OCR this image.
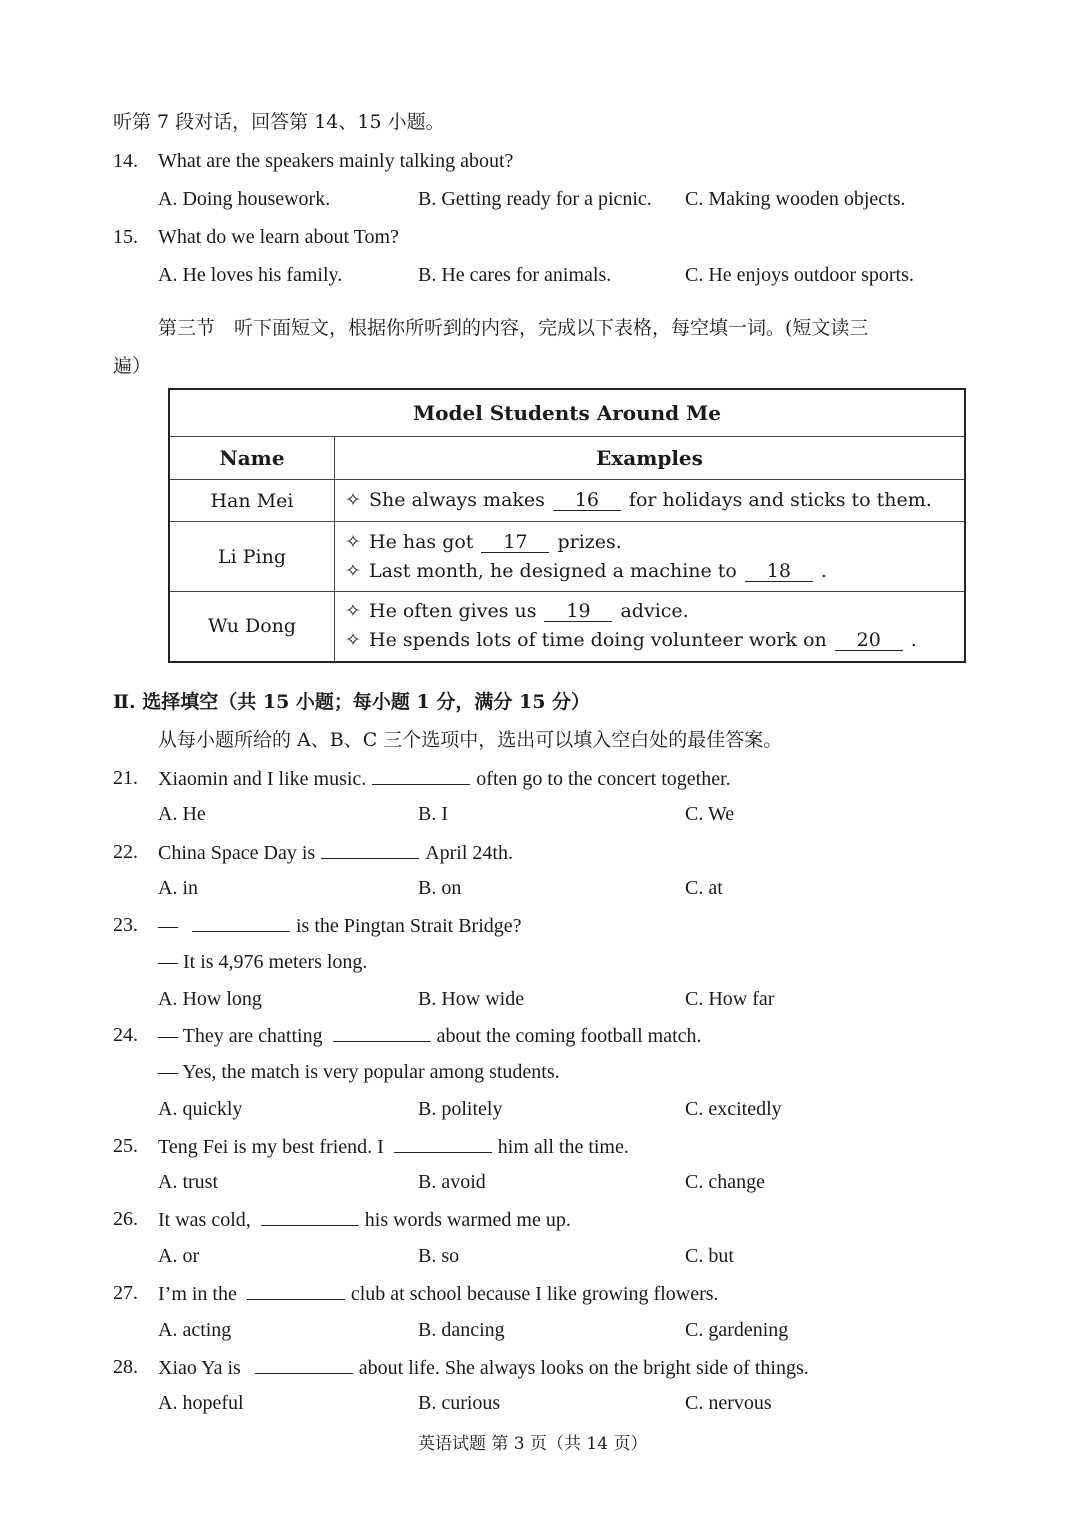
听第 7 段对话，回答第 14、15 小题。
14. What are the speakers mainly talking about?
A. Doing housework.	B. Getting ready for a picnic. C. Making wooden objects.
15. What do we learn about Tom?
A. He loves his family.	B. He cares for animals.	C. He enjoys outdoor sports.
第三节　听下面短文，根据你所听到的内容，完成以下表格，每空填一词。(短文读三
遍）
Model Students Around Me	
Name	Examples
Han Mei	✧ She always makes 16 for holidays and sticks to them.

Li Ping	✧ He has got 17 prizes.
✧ Last month, he designed a machine to 18 .

Wu Dong	✧ He often gives us 19 advice.
✧ He spends lots of time doing volunteer work on 20 .
Ⅱ. 选择填空（共 15 小题；每小题 1 分，满分 15 分）
从每小题所给的 A、B、C 三个选项中，选出可以填入空白处的最佳答案。
21. Xiaomin and I like music.	often go to the concert together.
A. He	B. I	C. We
22. China Space Day is	April 24th.
A. in	B. on	C. at
23. —	is the Pingtan Strait Bridge?
— It is 4,976 meters long.
A. How long	B. How wide	C. How far
24. — They are chatting	about the coming football match.
— Yes, the match is very popular among students.
A. quickly	B. politely	C. excitedly
25. Teng Fei is my best friend. I	him all the time.
A. trust	B. avoid	C. change
26. It was cold,	his words warmed me up.
A. or	B. so	C. but
27. I’m in the	club at school because I like growing flowers.
A. acting	B. dancing	C. gardening
28. Xiao Ya is	about life. She always looks on the bright side of things.
A. hopeful	B. curious	C. nervous
英语试题 第 3 页（共 14 页）
